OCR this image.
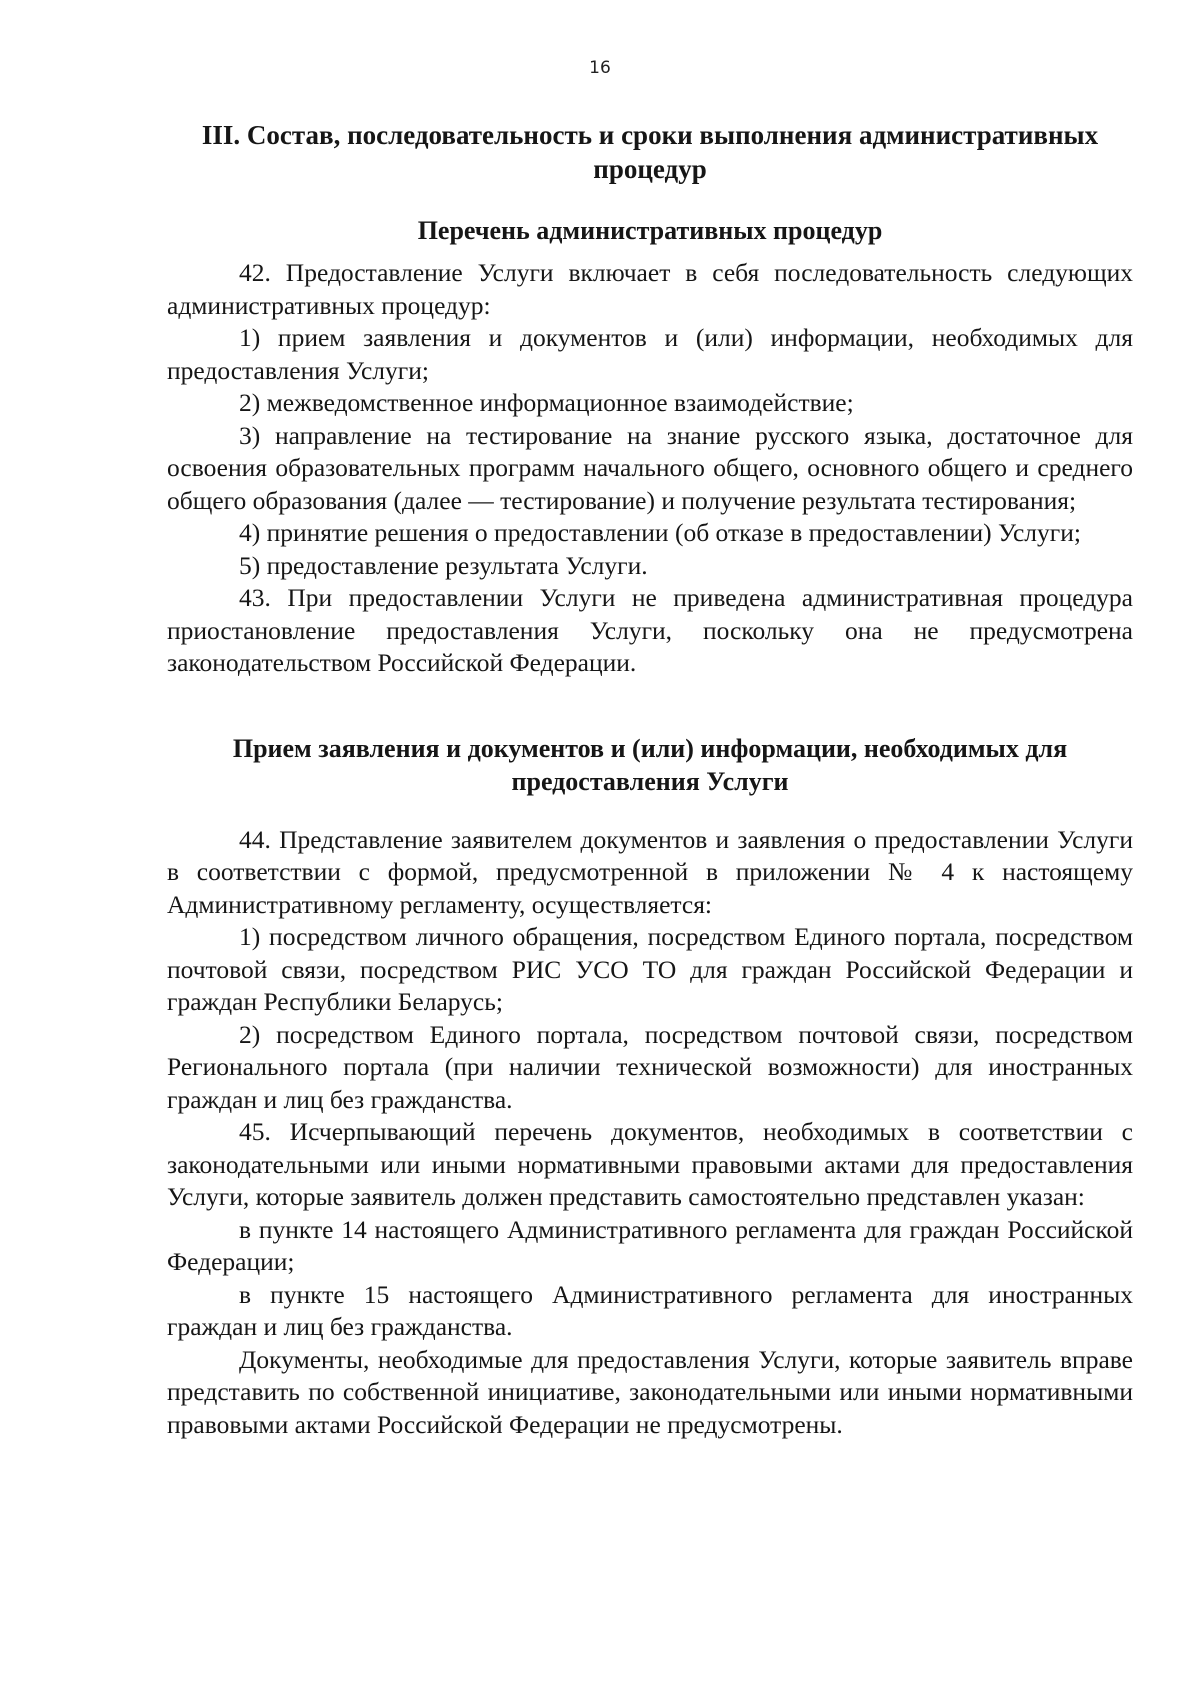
16
III. Состав, последовательность и сроки выполнения административных процедур
Перечень административных процедур

42. Предоставление Услуги включает в себя последовательность следующих административных процедур:

1) прием заявления и документов и (или) информации, необходимых для предоставления Услуги;

2) межведомственное информационное взаимодействие;

3) направление на тестирование на знание русского языка, достаточное для освоения образовательных программ начального общего, основного общего и среднего общего образования (далее — тестирование) и получение результата тестирования;

4) принятие решения о предоставлении (об отказе в предоставлении) Услуги;

5) предоставление результата Услуги.

43. При предоставлении Услуги не приведена административная процедура приостановление предоставления Услуги, поскольку она не предусмотрена законодательством Российской Федерации.

Прием заявления и документов и (или) информации, необходимых для предоставления Услуги

44. Представление заявителем документов и заявления о предоставлении Услуги в соответствии с формой, предусмотренной в приложении № 4 к настоящему Административному регламенту, осуществляется:

1) посредством личного обращения, посредством Единого портала, посредством почтовой связи, посредством РИС УСО ТО для граждан Российской Федерации и граждан Республики Беларусь;

2) посредством Единого портала, посредством почтовой связи, посредством Регионального портала (при наличии технической возможности) для иностранных граждан и лиц без гражданства.

45. Исчерпывающий перечень документов, необходимых в соответствии с законодательными или иными нормативными правовыми актами для предоставления Услуги, которые заявитель должен представить самостоятельно представлен указан:

в пункте 14 настоящего Административного регламента для граждан Российской Федерации;

в пункте 15 настоящего Административного регламента для иностранных граждан и лиц без гражданства.

Документы, необходимые для предоставления Услуги, которые заявитель вправе представить по собственной инициативе, законодательными или иными нормативными правовыми актами Российской Федерации не предусмотрены.
